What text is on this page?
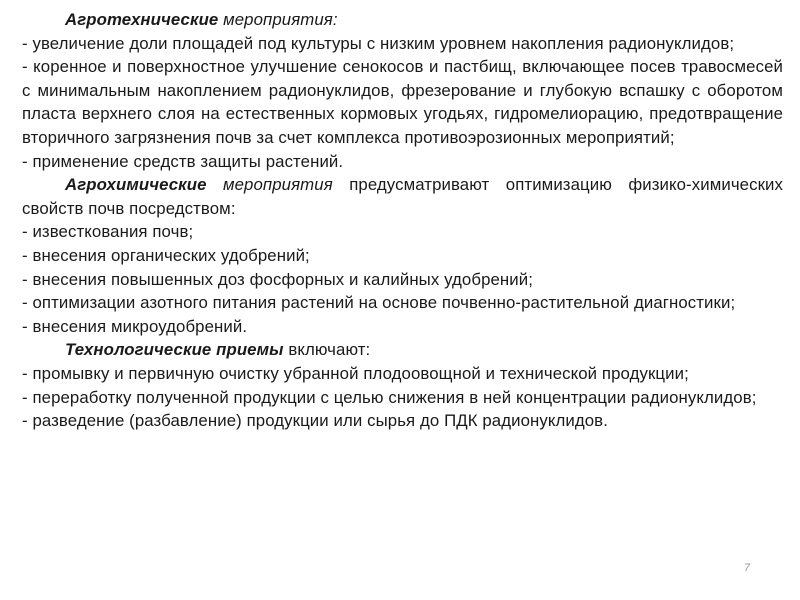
Агротехнические мероприятия:

- увеличение доли площадей под культуры с низким уровнем накопления радионуклидов;

- коренное и поверхностное улучшение сенокосов и пастбищ, включающее посев травосмесей с минимальным накоплением радионуклидов, фрезерование и глубокую вспашку с оборотом пласта верхнего слоя на естественных кормовых угодьях, гидромелиорацию, предотвращение вторичного загрязнения почв за счет комплекса противоэрозионных мероприятий;

- применение средств защиты растений.

Агрохимические мероприятия предусматривают оптимизацию физико-химических свойств почв посредством:

- известкования почв;

- внесения органических удобрений;

- внесения повышенных доз фосфорных и калийных удобрений;

- оптимизации азотного питания растений на основе почвенно-растительной диагностики;

- внесения микроудобрений.

Технологические приемы включают:

- промывку и первичную очистку убранной плодоовощной и технической продукции;

- переработку полученной продукции с целью снижения в ней концентрации радионуклидов;

- разведение (разбавление) продукции или сырья до ПДК радионуклидов.

7
